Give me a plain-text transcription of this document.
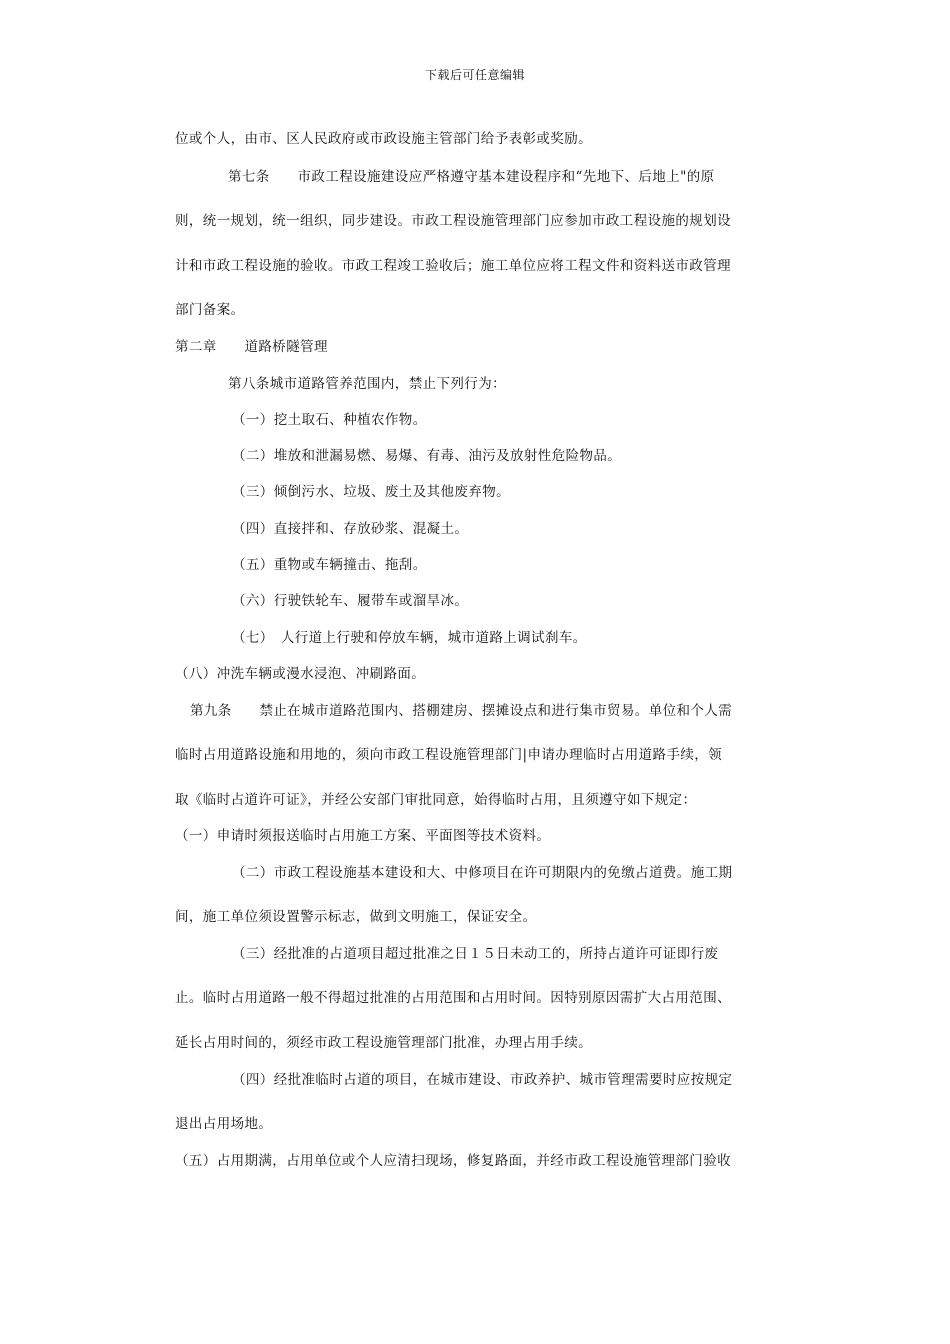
下载后可任意编辑
位或个人，由市、区人民政府或市政设施主管部门给予表彰或奖励。
第七条　　市政工程设施建设应严格遵守基本建设程序和“先地下、后地上"的原
则，统一规划，统一组织，同步建设。市政工程设施管理部门应参加市政工程设施的规划设
计和市政工程设施的验收。市政工程竣工验收后；施工单位应将工程文件和资料送市政管理
部门备案。
第二章　　道路桥隧管理
第八条城市道路管养范围内，禁止下列行为：
（一）挖土取石、种植农作物。
（二）堆放和泄漏易燃、易爆、有毒、油污及放射性危险物品。
（三）倾倒污水、垃圾、废土及其他废弃物。
（四）直接拌和、存放砂浆、混凝土。
（五）重物或车辆撞击、拖刮。
（六）行驶铁轮车、履带车或溜旱冰。
（七）　人行道上行驶和停放车辆，城市道路上调试刹车。
（八）冲洗车辆或漫水浸泡、冲刷路面。
第九条　　禁止在城市道路范围内、搭棚建房、摆摊设点和进行集市贸易。单位和个人需
临时占用道路设施和用地的，须向市政工程设施管理部门|申请办理临时占用道路手续，领
取《临时占道许可证》，并经公安部门审批同意，始得临时占用，且须遵守如下规定：
（一）申请时须报送临时占用施工方案、平面图等技术资料。
（二）市政工程设施基本建设和大、中修项目在许可期限内的免缴占道费。施工期
间，施工单位须设置警示标志，做到文明施工，保证安全。
（三）经批准的占道项目超过批准之日１５日未动工的，所持占道许可证即行废
止。临时占用道路一般不得超过批准的占用范围和占用时间。因特别原因需扩大占用范围、
延长占用时间的，须经市政工程设施管理部门批准，办理占用手续。
（四）经批准临时占道的项目，在城市建设、市政养护、城市管理需要时应按规定
退出占用场地。
（五）占用期满，占用单位或个人应清扫现场，修复路面，并经市政工程设施管理部门验收
